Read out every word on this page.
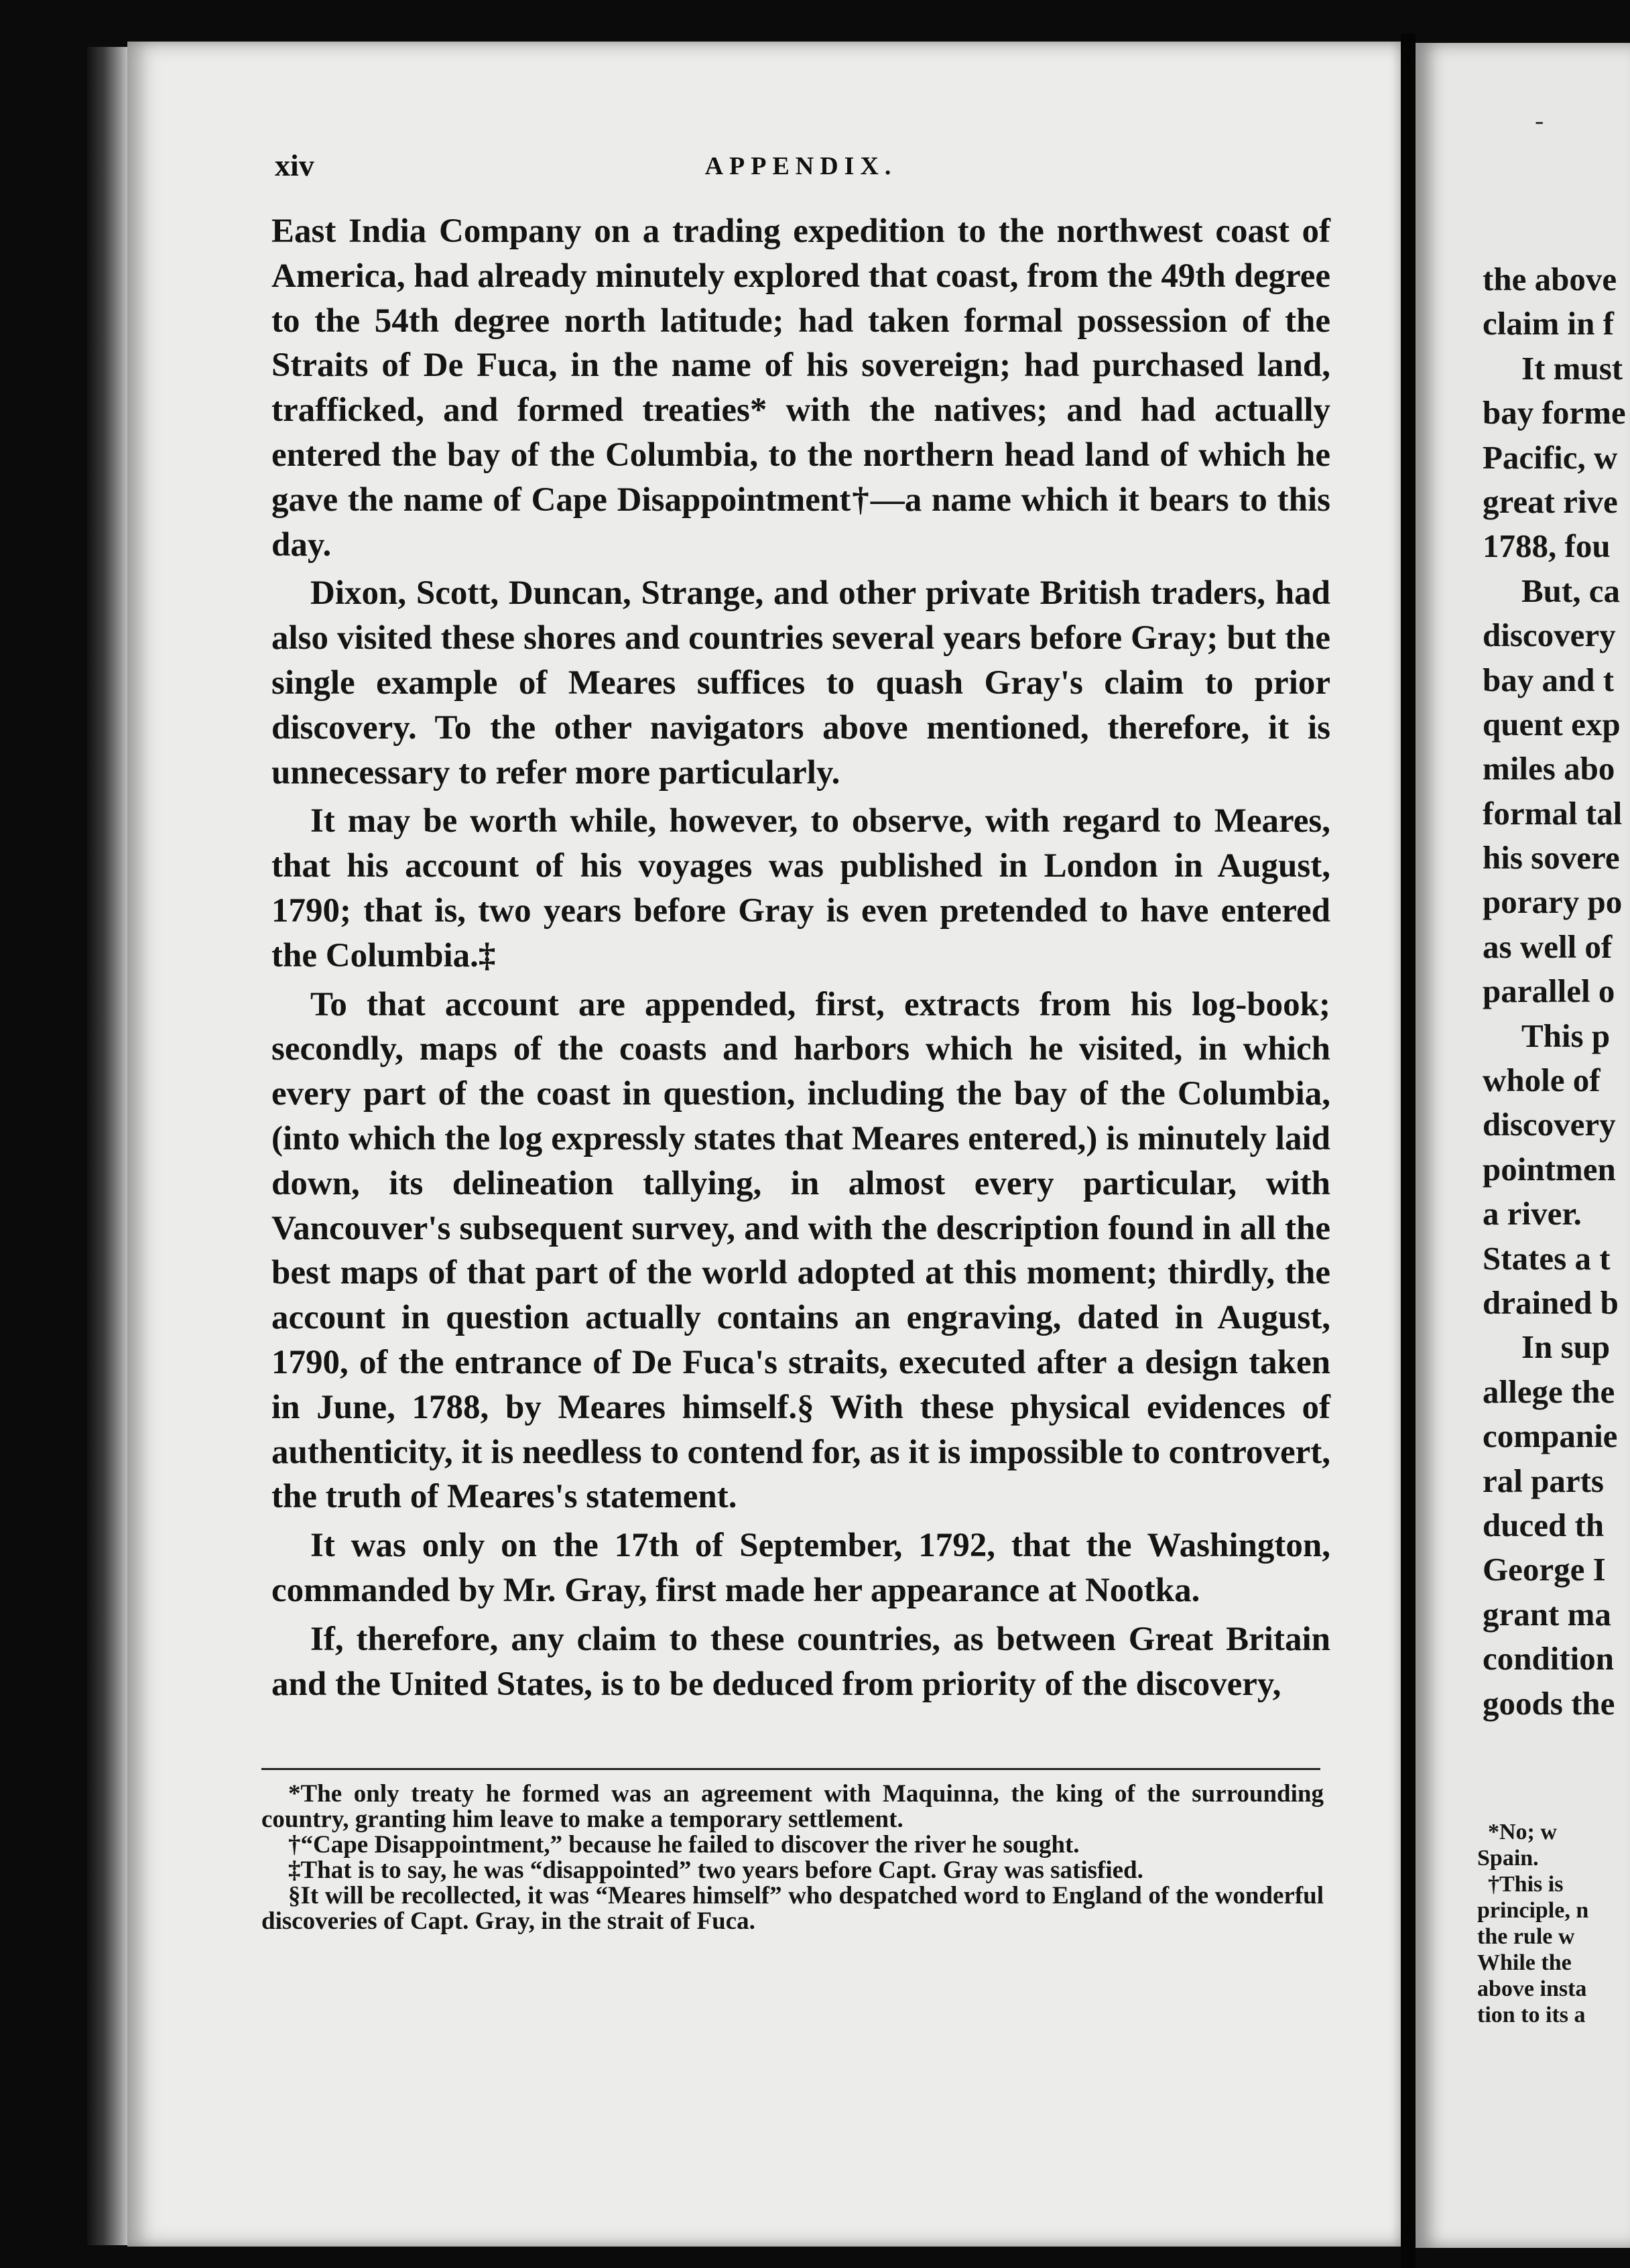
xiv	APPENDIX.

East India Company on a trading expedition to the northwest coast of America, had already minutely explored that coast, from the 49th degree to the 54th degree north latitude; had taken formal possession of the Straits of De Fuca, in the name of his sovereign; had purchased land, trafficked, and formed treaties* with the natives; and had actually entered the bay of the Columbia, to the northern head land of which he gave the name of Cape Disappointment†—a name which it bears to this day.

Dixon, Scott, Duncan, Strange, and other private British traders, had also visited these shores and countries several years before Gray; but the single example of Meares suffices to quash Gray's claim to prior discovery. To the other navigators above mentioned, therefore, it is unnecessary to refer more particularly.

It may be worth while, however, to observe, with regard to Meares, that his account of his voyages was published in London in August, 1790; that is, two years before Gray is even pretended to have entered the Columbia.‡

To that account are appended, first, extracts from his log-book; secondly, maps of the coasts and harbors which he visited, in which every part of the coast in question, including the bay of the Columbia, (into which the log expressly states that Meares entered,) is minutely laid down, its delineation tallying, in almost every particular, with Vancouver's subsequent survey, and with the description found in all the best maps of that part of the world adopted at this moment; thirdly, the account in question actually contains an engraving, dated in August, 1790, of the entrance of De Fuca's straits, executed after a design taken in June, 1788, by Meares himself.§ With these physical evidences of authenticity, it is needless to contend for, as it is impossible to controvert, the truth of Meares's statement.

It was only on the 17th of September, 1792, that the Washington, commanded by Mr. Gray, first made her appearance at Nootka.

If, therefore, any claim to these countries, as between Great Britain and the United States, is to be deduced from priority of the discovery,

*The only treaty he formed was an agreement with Maquinna, the king of the surrounding country, granting him leave to make a temporary settlement.

†“Cape Disappointment,” because he failed to discover the river he sought.

‡That is to say, he was “disappointed” two years before Capt. Gray was satisfied.

§It will be recollected, it was “Meares himself” who despatched word to England of the wonderful discoveries of Capt. Gray, in the strait of Fuca.

-
the above
claim in f
It must
bay forme
Pacific, w
great rive
1788, fou
But, ca
discovery
bay and t
quent exp
miles abo
formal tal
his sovere
porary po
as well of
parallel o
This p
whole of
discovery
pointmen
a river.
States a t
drained b
In sup
allege the
companie
ral parts
duced th
George I
grant ma
condition
goods the
*No; w
Spain.
†This is
principle, n
the rule w
While the
above insta
tion to its a
